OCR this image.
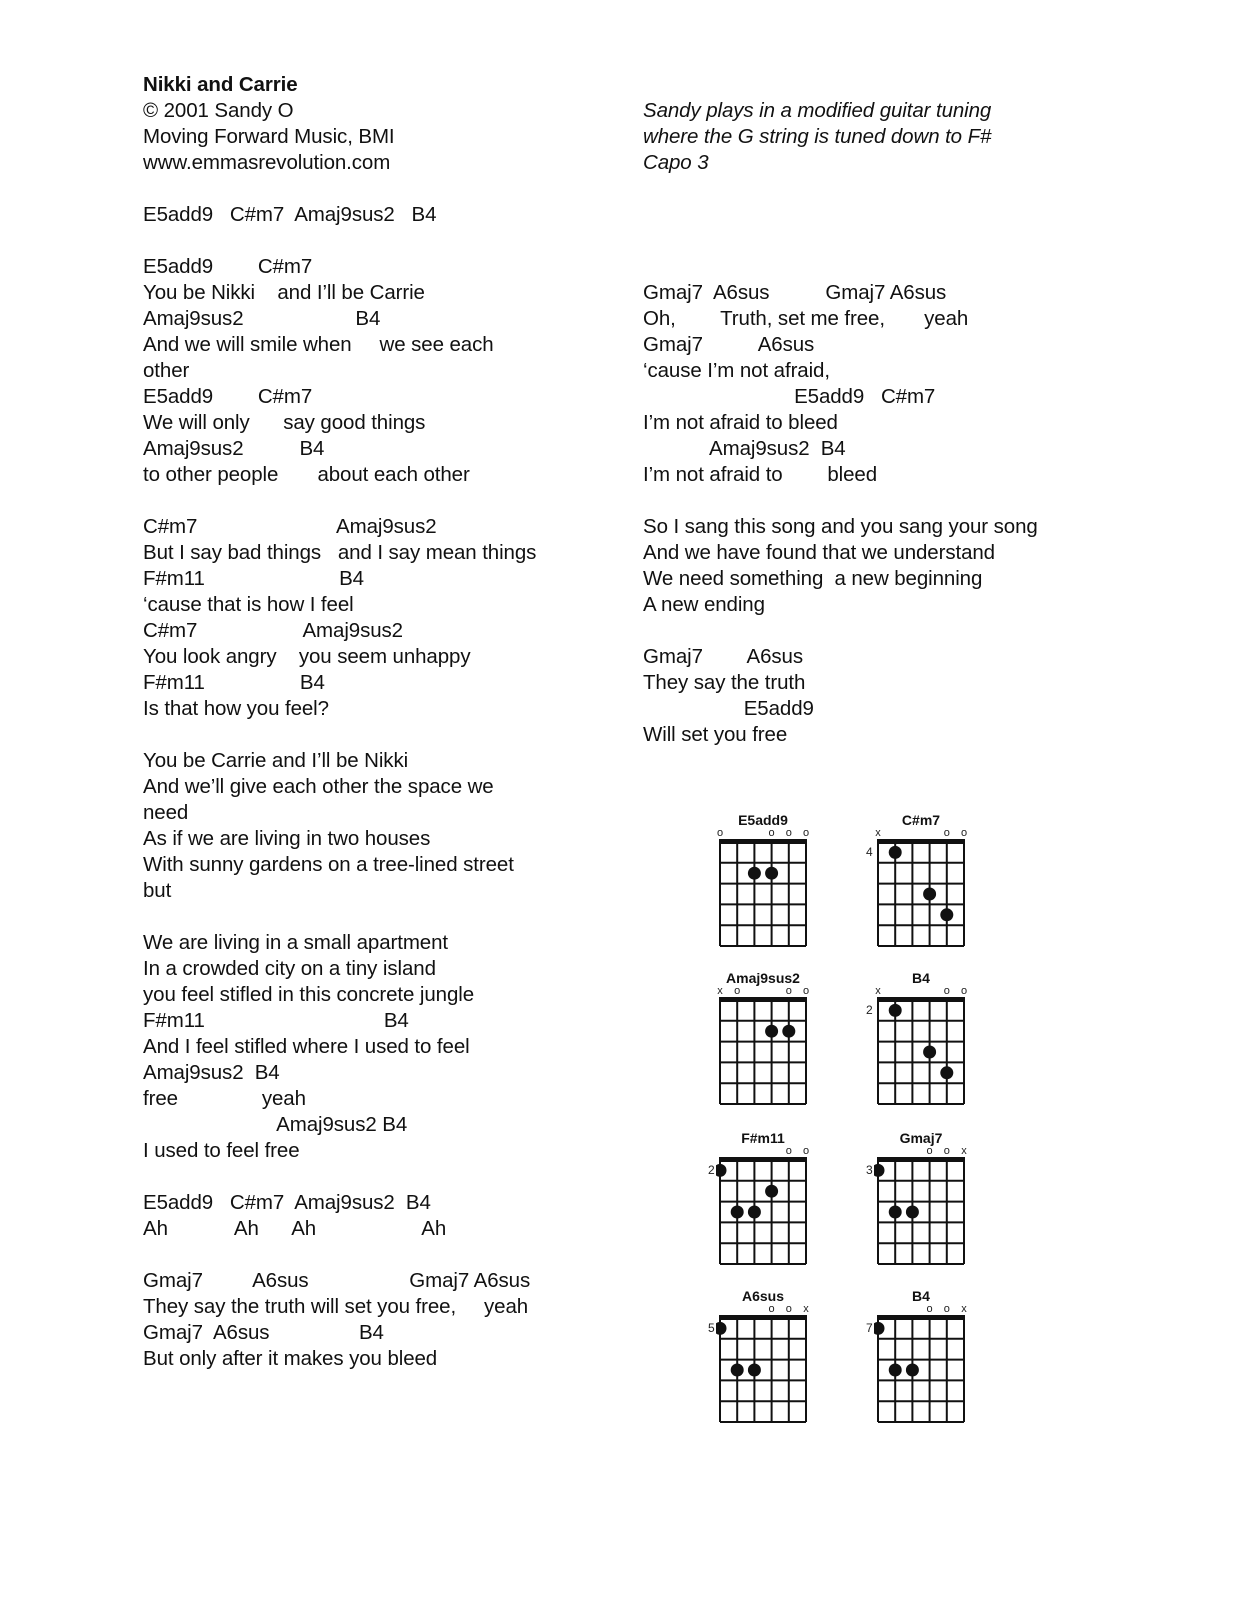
Nikki and Carrie
© 2001 Sandy O
Moving Forward Music, BMI
www.emmasrevolution.com
E5add9   C#m7  Amaj9sus2   B4
E5add9        C#m7
You be Nikki    and I’ll be Carrie
Amaj9sus2                    B4
And we will smile when     we see each
other
E5add9        C#m7
We will only      say good things
Amaj9sus2          B4
to other people       about each other
C#m7                         Amaj9sus2
But I say bad things   and I say mean things
F#m11                        B4
‘cause that is how I feel
C#m7                   Amaj9sus2
You look angry    you seem unhappy
F#m11                 B4
Is that how you feel?
You be Carrie and I’ll be Nikki
And we’ll give each other the space we
need
As if we are living in two houses
With sunny gardens on a tree-lined street
but
We are living in a small apartment
In a crowded city on a tiny island
you feel stifled in this concrete jungle
F#m11                                B4
And I feel stifled where I used to feel
Amaj9sus2  B4
free               yeah
Amaj9sus2 B4
I used to feel free
E5add9   C#m7  Amaj9sus2  B4
Ah            Ah      Ah                   Ah
Gmaj7         A6sus                  Gmaj7 A6sus
They say the truth will set you free,     yeah
Gmaj7  A6sus                B4
But only after it makes you bleed
Sandy plays in a modified guitar tuning
where the G string is tuned down to F#
Capo 3
Gmaj7  A6sus          Gmaj7 A6sus
Oh,        Truth, set me free,       yeah
Gmaj7          A6sus
‘cause I’m not afraid,
E5add9   C#m7
I’m not afraid to bleed
Amaj9sus2  B4
I’m not afraid to        bleed
So I sang this song and you sang your song
And we have found that we understand
We need something  a new beginning
A new ending
Gmaj7        A6sus
They say the truth
E5add9
Will set you free
E5add9
o	o o o
C#m7
x	o o
4
Amaj9sus2
x o	o o
B4
x	o o
2
F#m11
o o
2
Gmaj7
o o x
3
A6sus
o o x
5
B4
o o x
7
